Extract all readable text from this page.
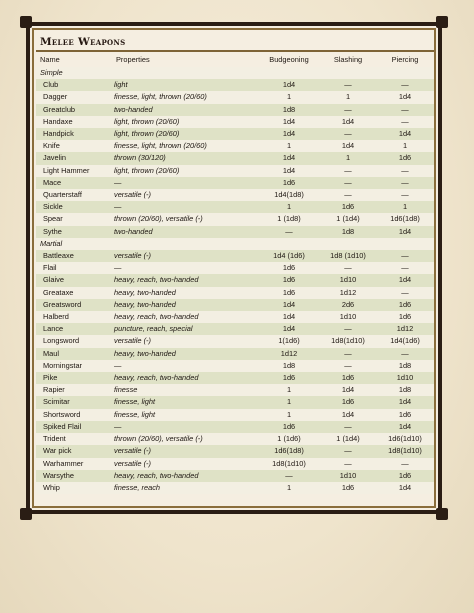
Melee Weapons
Name	Properties	Budgeoning	Slashing	Piercing
Simple				
Club	light	1d4	—	—
Dagger	finesse, light, thrown (20/60)	1	1	1d4
Greatclub	two-handed	1d8	—	—
Handaxe	light, thrown (20/60)	1d4	1d4	—
Handpick	light, thrown (20/60)	1d4	—	1d4
Knife	finesse, light, thrown (20/60)	1	1d4	1
Javelin	thrown (30/120)	1d4	1	1d6
Light Hammer	light, thrown (20/60)	1d4	—	—
Mace	—	1d6	—	—
Quarterstaff	versatile (-)	1d4(1d8)	—	—
Sickle	—	1	1d6	1
Spear	thrown (20/60), versatile (-)	1 (1d8)	1 (1d4)	1d6(1d8)
Sythe	two-handed	—	1d8	1d4
Martial				
Battleaxe	versatile (-)	1d4 (1d6)	1d8 (1d10)	—
Flail	—	1d6	—	—
Glaive	heavy, reach, two-handed	1d6	1d10	1d4
Greataxe	heavy, two-handed	1d6	1d12	—
Greatsword	heavy, two-handed	1d4	2d6	1d6
Halberd	heavy, reach, two-handed	1d4	1d10	1d6
Lance	puncture, reach, special	1d4	—	1d12
Longsword	versatile (-)	1(1d6)	1d8(1d10)	1d4(1d6)
Maul	heavy, two-handed	1d12	—	—
Morningstar	—	1d8	—	1d8
Pike	heavy, reach, two-handed	1d6	1d6	1d10
Rapier	finesse	1	1d4	1d8
Scimitar	finesse, light	1	1d6	1d4
Shortsword	finesse, light	1	1d4	1d6
Spiked Flail	—	1d6	—	1d4
Trident	thrown (20/60), versatile (-)	1 (1d6)	1 (1d4)	1d6(1d10)
War pick	versatile (-)	1d6(1d8)	—	1d8(1d10)
Warhammer	versatile (-)	1d8(1d10)	—	—
Warsythe	heavy, reach, two-handed	—	1d10	1d6
Whip	finesse, reach	1	1d6	1d4
